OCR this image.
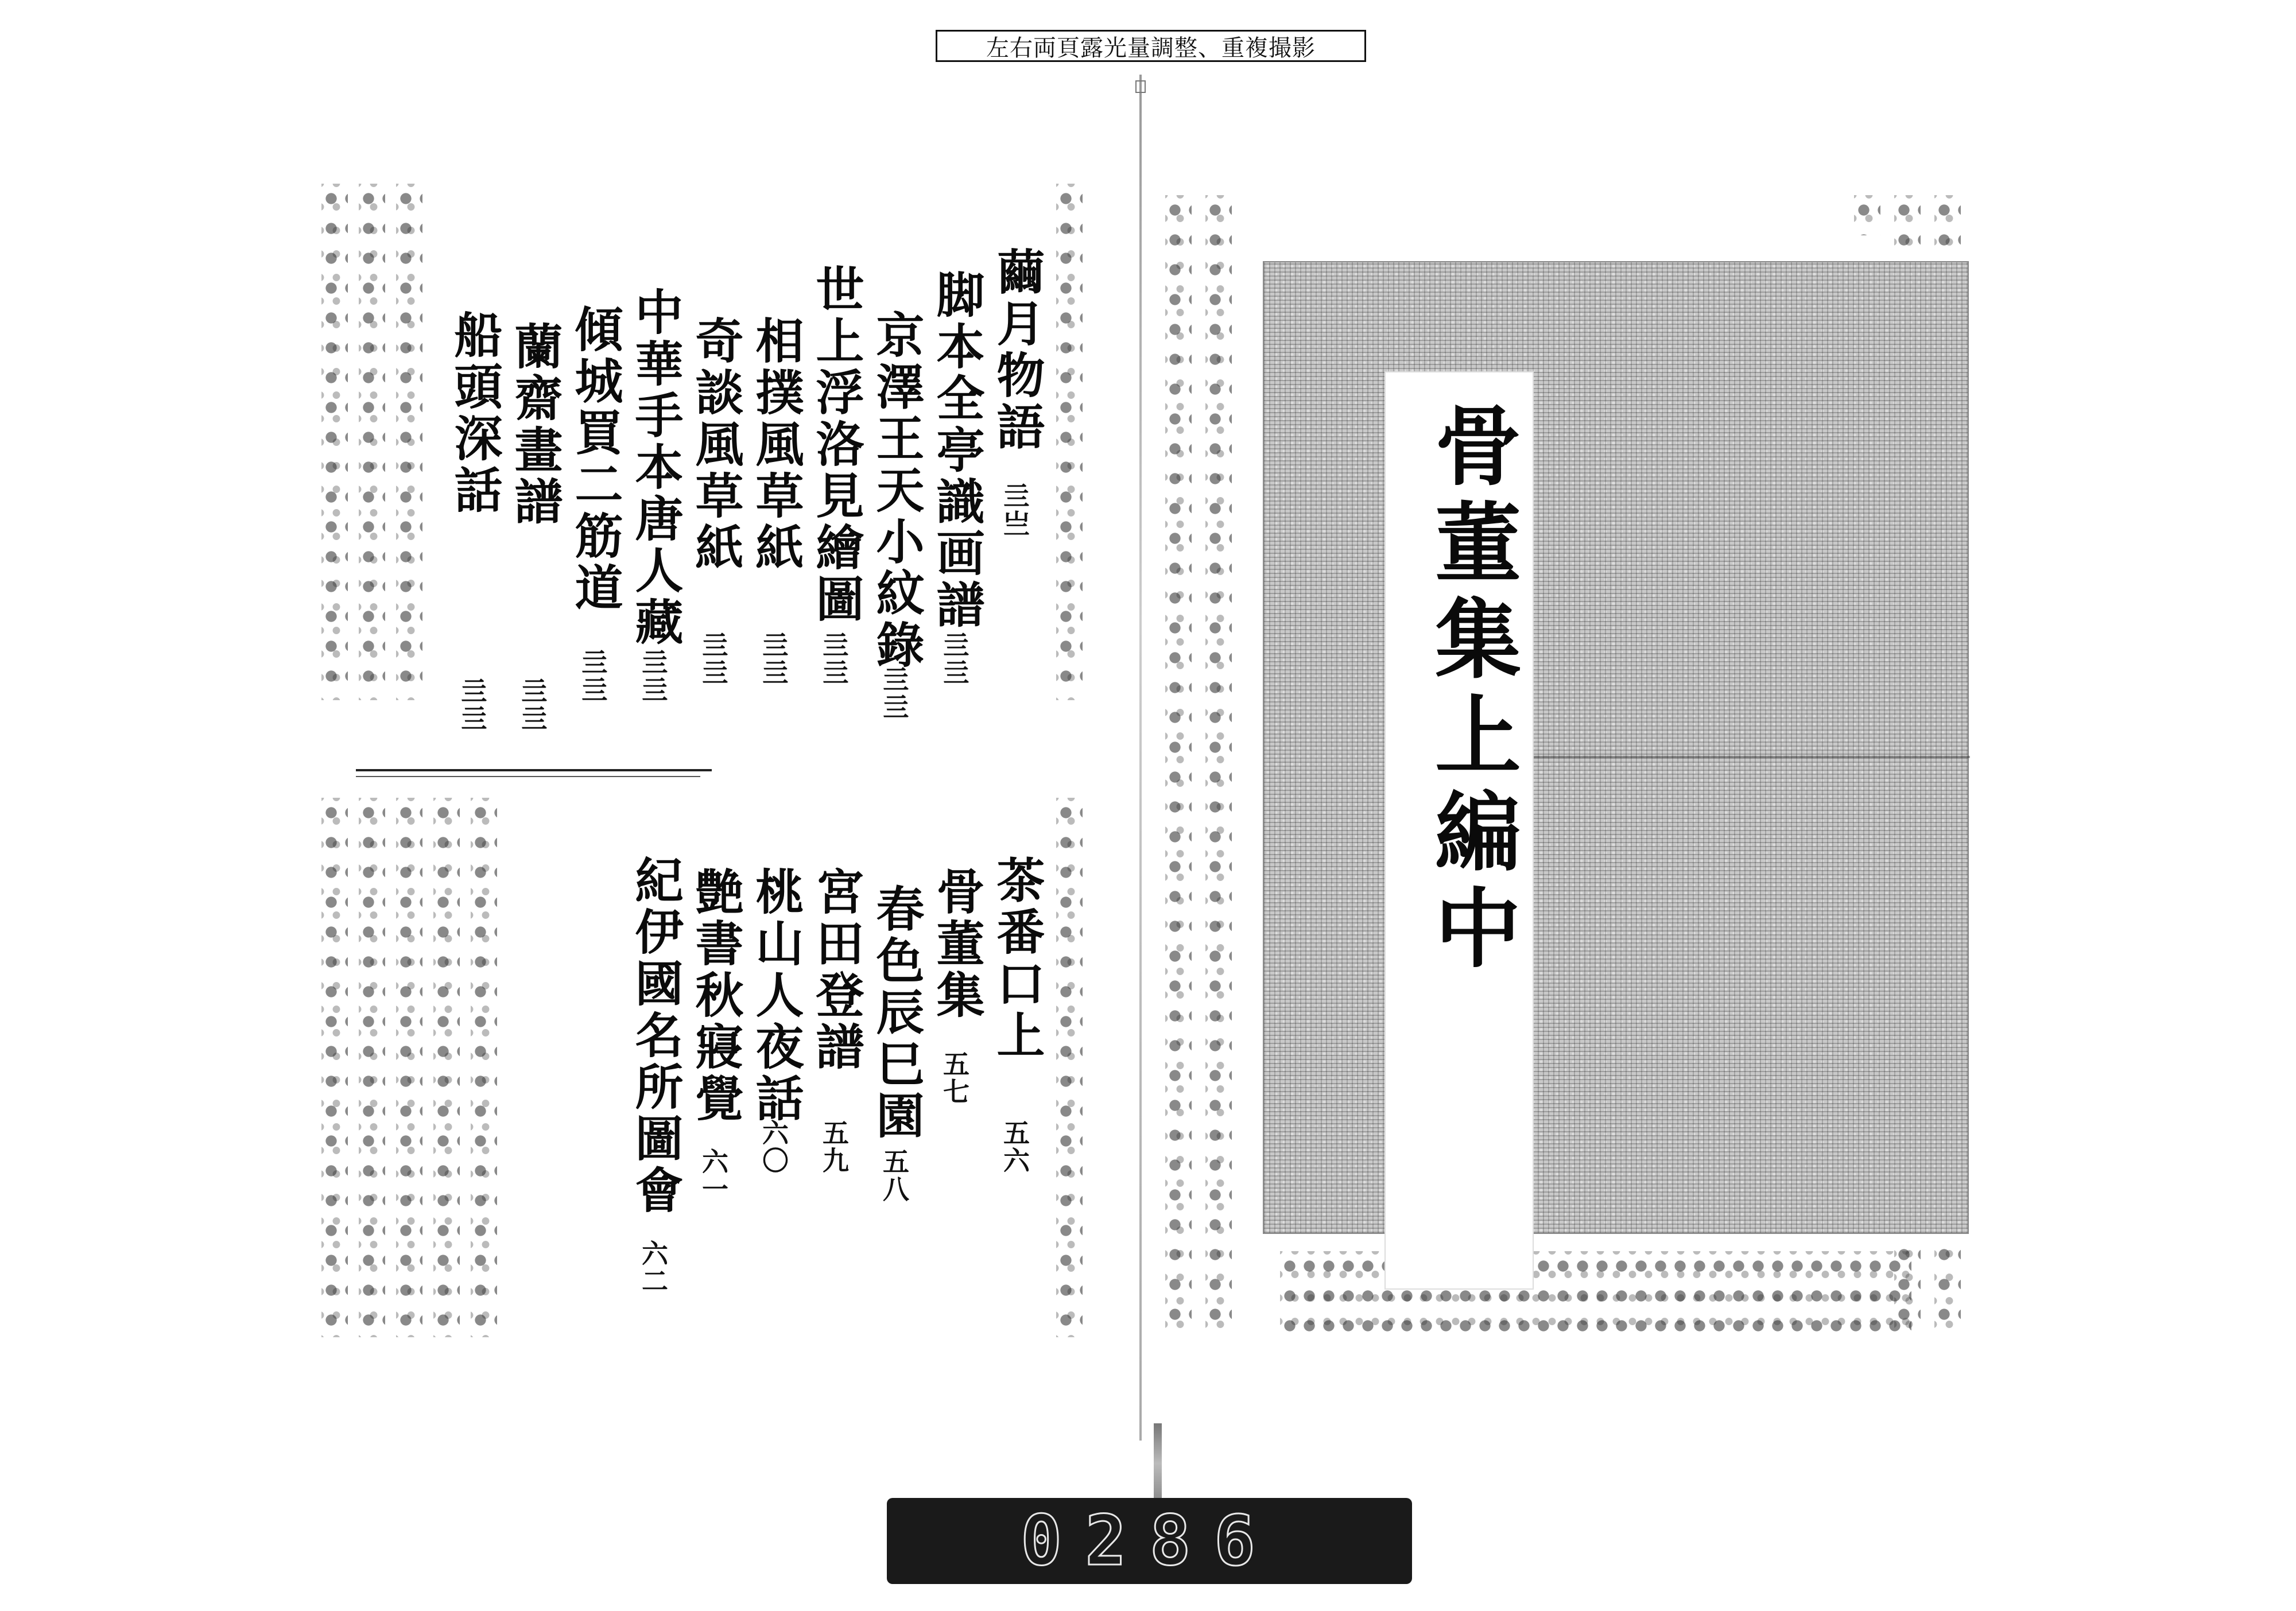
左右両頁露光量調整、重複撮影
繭月物語
亖亗
脚本全亭識画譜
亖亖
京澤王天小紋錄
亖亖
世上浮洛見繪圖
亖亖
相撲風草紙
亖亖
奇談風草紙
亖亖
中華手本唐人藏
亖亖
傾城買二筋道
亖亖
蘭齋畫譜
亖亖
船頭深話
亖亖
茶番口上
五六
骨董集
五七
春色辰巳園
五八
宮田登譜
五九
桃山人夜話
六〇
艶書秋寢覺
六一
紀伊國名所圖會
六二
骨董集上編中
0286
